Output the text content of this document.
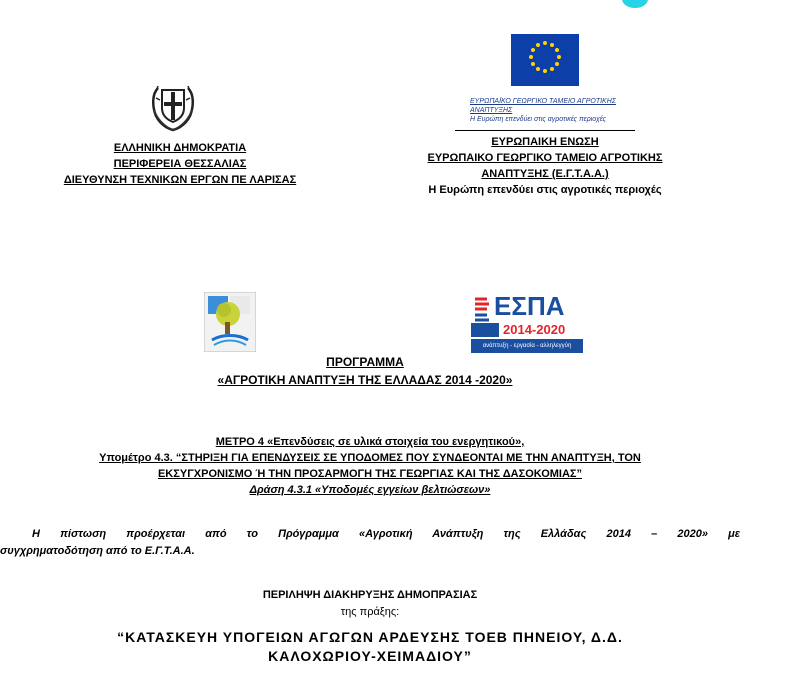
ΕΛΛΗΝΙΚΗ ΔΗΜΟΚΡΑΤΙΑ
ΠΕΡΙΦΕΡΕΙΑ ΘΕΣΣΑΛΙΑΣ
ΔΙΕΥΘΥΝΣΗ ΤΕΧΝΙΚΩΝ ΕΡΓΩΝ ΠΕ ΛΑΡΙΣΑΣ
ΕΥΡΩΠΑΪΚΟ ΓΕΩΡΓΙΚΟ ΤΑΜΕΙΟ ΑΓΡΟΤΙΚΗΣ ΑΝΑΠΤΥΞΗΣ
Η Ευρώπη επενδύει στις αγροτικές περιοχές
ΕΥΡΩΠΑΙΚΗ ΕΝΩΣΗ
ΕΥΡΩΠΑΙΚΟ ΓΕΩΡΓΙΚΟ ΤΑΜΕΙΟ ΑΓΡΟΤΙΚΗΣ
ΑΝΑΠΤΥΞΗΣ (Ε.Γ.Τ.Α.Α.)
Η Ευρώπη επενδύει στις αγροτικές περιοχές
ΕΣΠΑ
2014-2020
ανάπτυξη - εργασία - αλληλεγγύη
ΠΡΟΓΡΑΜΜΑ
«ΑΓΡΟΤΙΚΗ ΑΝΑΠΤΥΞΗ ΤΗΣ ΕΛΛΑΔΑΣ 2014 -2020»
ΜΕΤΡΟ 4 «Επενδύσεις σε υλικά στοιχεία του ενεργητικού»,
Υπομέτρο 4.3. “ΣΤΗΡΙΞΗ ΓΙΑ ΕΠΕΝΔΥΣΕΙΣ ΣΕ ΥΠΟΔΟΜΕΣ ΠΟΥ ΣΥΝΔΕΟΝΤΑΙ ΜΕ ΤΗΝ ΑΝΑΠΤΥΞΗ, ΤΟΝ
ΕΚΣΥΓΧΡΟΝΙΣΜΟ Ή ΤΗΝ ΠΡΟΣΑΡΜΟΓΗ ΤΗΣ ΓΕΩΡΓΙΑΣ ΚΑΙ ΤΗΣ ΔΑΣΟΚΟΜΙΑΣ”
Δράση 4.3.1 «Υποδομές εγγείων βελτιώσεων»
Η πίστωση προέρχεται από το Πρόγραμμα «Αγροτική Ανάπτυξη της Ελλάδας 2014 – 2020» με
συγχρηματοδότηση από το Ε.Γ.Τ.Α.Α.
ΠΕΡΙΛΗΨΗ ΔΙΑΚΗΡΥΞΗΣ ΔΗΜΟΠΡΑΣΙΑΣ
της πράξης:
“ΚΑΤΑΣΚΕΥΗ ΥΠΟΓΕΙΩΝ ΑΓΩΓΩΝ ΑΡΔΕΥΣΗΣ ΤΟΕΒ ΠΗΝΕΙΟΥ, Δ.Δ.
ΚΑΛΟΧΩΡΙΟΥ-ΧΕΙΜΑΔΙΟΥ”
